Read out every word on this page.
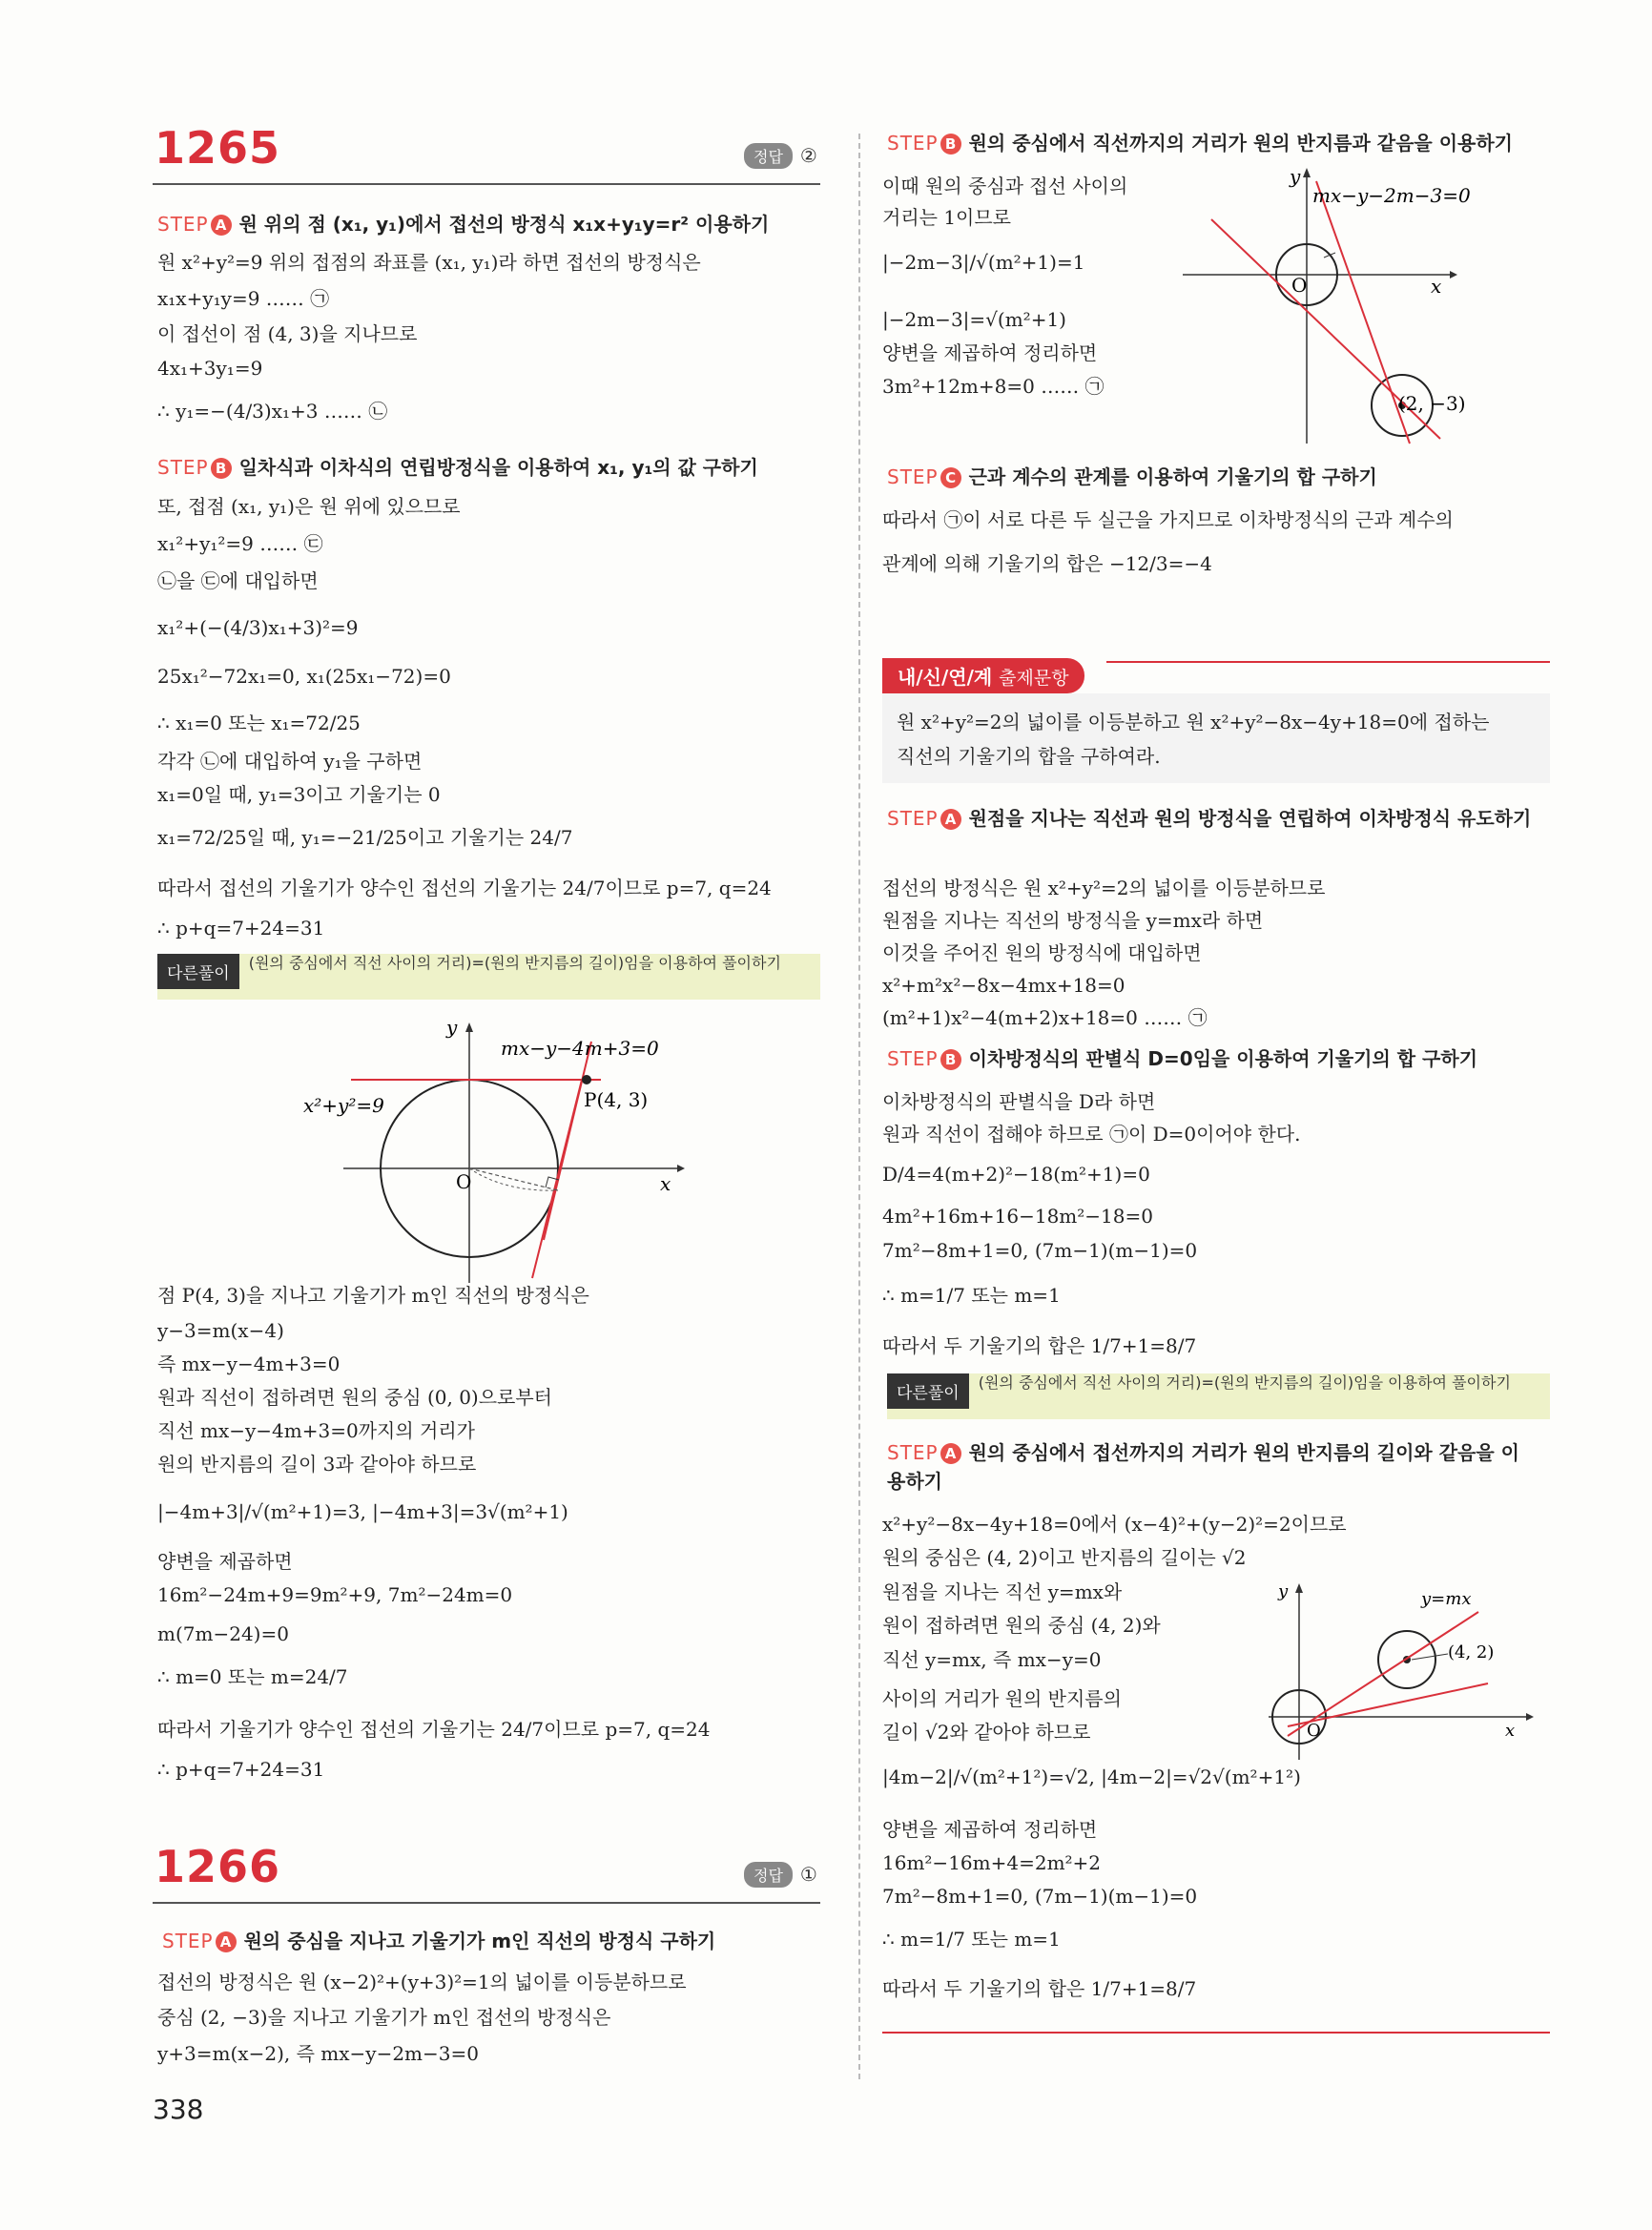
1265	정답 ②
STEP A 원 위의 점 (x₁, y₁)에서 접선의 방정식 x₁x+y₁y=r² 이용하기
원 x²+y²=9 위의 접점의 좌표를 (x₁, y₁)라 하면 접선의 방정식은
x₁x+y₁y=9 …… ㉠
이 접선이 점 (4, 3)을 지나므로
4x₁+3y₁=9
∴ y₁=−(4/3)x₁+3 …… ㉡
STEP B 일차식과 이차식의 연립방정식을 이용하여 x₁, y₁의 값 구하기
또, 접점 (x₁, y₁)은 원 위에 있으므로
x₁²+y₁²=9 …… ㉢
㉡을 ㉢에 대입하면
x₁²+(−(4/3)x₁+3)²=9
25x₁²−72x₁=0, x₁(25x₁−72)=0
∴ x₁=0 또는 x₁=72/25
각각 ㉡에 대입하여 y₁을 구하면
x₁=0일 때, y₁=3이고 기울기는 0
x₁=72/25일 때, y₁=−21/25이고 기울기는 24/7
따라서 접선의 기울기가 양수인 접선의 기울기는 24/7이므로 p=7, q=24
∴ p+q=7+24=31
다른풀이(원의 중심에서 직선 사이의 거리)=(원의 반지름의 길이)임을 이용하여 풀이하기
O	x
y
mx−y−4m+3=0
x²+y²=9	P(4, 3)
점 P(4, 3)을 지나고 기울기가 m인 직선의 방정식은
y−3=m(x−4)
즉 mx−y−4m+3=0
원과 직선이 접하려면 원의 중심 (0, 0)으로부터
직선 mx−y−4m+3=0까지의 거리가
원의 반지름의 길이 3과 같아야 하므로
|−4m+3|/√(m²+1)=3, |−4m+3|=3√(m²+1)
양변을 제곱하면
16m²−24m+9=9m²+9, 7m²−24m=0
m(7m−24)=0
∴ m=0 또는 m=24/7
따라서 기울기가 양수인 접선의 기울기는 24/7이므로 p=7, q=24
∴ p+q=7+24=31
1266	정답 ①
STEP A 원의 중심을 지나고 기울기가 m인 직선의 방정식 구하기
접선의 방정식은 원 (x−2)²+(y+3)²=1의 넓이를 이등분하므로
중심 (2, −3)을 지나고 기울기가 m인 접선의 방정식은
y+3=m(x−2), 즉 mx−y−2m−3=0
338
STEP B 원의 중심에서 직선까지의 거리가 원의 반지름과 같음을 이용하기
이때 원의 중심과 접선 사이의
거리는 1이므로
|−2m−3|/√(m²+1)=1
|−2m−3|=√(m²+1)
양변을 제곱하여 정리하면
3m²+12m+8=0 …… ㉠
O	x
y
mx−y−2m−3=0
(2, −3)
STEP C 근과 계수의 관계를 이용하여 기울기의 합 구하기
따라서 ㉠이 서로 다른 두 실근을 가지므로 이차방정식의 근과 계수의
관계에 의해 기울기의 합은 −12/3=−4
내/신/연/계 출제문항
원 x²+y²=2의 넓이를 이등분하고 원 x²+y²−8x−4y+18=0에 접하는
직선의 기울기의 합을 구하여라.
STEP A 원점을 지나는 직선과 원의 방정식을 연립하여 이차방정식 유도하기
접선의 방정식은 원 x²+y²=2의 넓이를 이등분하므로
원점을 지나는 직선의 방정식을 y=mx라 하면
이것을 주어진 원의 방정식에 대입하면
x²+m²x²−8x−4mx+18=0
(m²+1)x²−4(m+2)x+18=0 …… ㉠
STEP B 이차방정식의 판별식 D=0임을 이용하여 기울기의 합 구하기
이차방정식의 판별식을 D라 하면
원과 직선이 접해야 하므로 ㉠이 D=0이어야 한다.
D/4=4(m+2)²−18(m²+1)=0
4m²+16m+16−18m²−18=0
7m²−8m+1=0, (7m−1)(m−1)=0
∴ m=1/7 또는 m=1
따라서 두 기울기의 합은 1/7+1=8/7
다른풀이(원의 중심에서 직선 사이의 거리)=(원의 반지름의 길이)임을 이용하여 풀이하기
STEP A 원의 중심에서 접선까지의 거리가 원의 반지름의 길이와 같음을 이용하기
x²+y²−8x−4y+18=0에서 (x−4)²+(y−2)²=2이므로
원의 중심은 (4, 2)이고 반지름의 길이는 √2
원점을 지나는 직선 y=mx와
원이 접하려면 원의 중심 (4, 2)와
직선 y=mx, 즉 mx−y=0
사이의 거리가 원의 반지름의
길이 √2와 같아야 하므로
|4m−2|/√(m²+1²)=√2, |4m−2|=√2√(m²+1²)
양변을 제곱하여 정리하면
16m²−16m+4=2m²+2
7m²−8m+1=0, (7m−1)(m−1)=0
∴ m=1/7 또는 m=1
따라서 두 기울기의 합은 1/7+1=8/7
O	x
y	y=mx
(4, 2)
